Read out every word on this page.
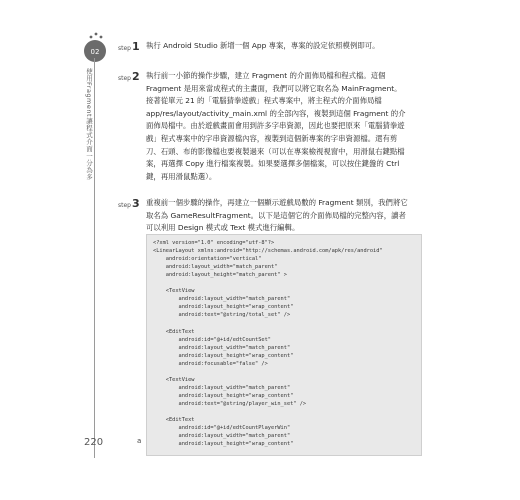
02
使用Fragment讓程式介面一分為多
220
step1 執行 Android Studio 新增一個 App 專案，專案的設定依照模例即可。
step2 執行前一小節的操作步驟，建立 Fragment 的介面佈局檔和程式檔。這個 Fragment 是用來當成程式的主畫面，我們可以將它取名為 MainFragment。接著從單元 21 的「電腦猜拳遊戲」程式專案中，將主程式的介面佈局檔 app/res/layout/activity_main.xml 的全部內容，複製到這個 Fragment 的介面佈局檔中。由於遊戲畫面會用到許多字串資源，因此也要把原來「電腦猜拳遊戲」程式專案中的字串資源檔內容，複製到這個新專案的字串資源檔。還有剪刀、石頭、布的影像檔也要複製過來（可以在專案檢視視窗中，用滑鼠右鍵點檔案，再選擇 Copy 進行檔案複製。如果要選擇多個檔案，可以按住鍵盤的 Ctrl 鍵，再用滑鼠點選）。
step3 重複前一個步驟的操作，再建立一個顯示遊戲局數的 Fragment 類別，我們將它取名為 GameResultFragment。以下是這個它的介面佈局檔的完整內容，讀者可以利用 Design 模式或 Text 模式進行編輯。
<?xml version="1.0" encoding="utf-8"?>
<LinearLayout xmlns:android="http://schemas.android.com/apk/res/android"
android:orientation="vertical"
android:layout_width="match_parent"
android:layout_height="match_parent" >

<TextView
android:layout_width="match_parent"
android:layout_height="wrap_content"
android:text="@string/total_set" />

<EditText
android:id="@+id/edtCountSet"
android:layout_width="match_parent"
android:layout_height="wrap_content"
android:focusable="false" />

<TextView
android:layout_width="match_parent"
android:layout_height="wrap_content"
android:text="@string/player_win_set" />

<EditText
android:id="@+id/edtCountPlayerWin"
android:layout_width="match_parent"
android:layout_height="wrap_content"
a
